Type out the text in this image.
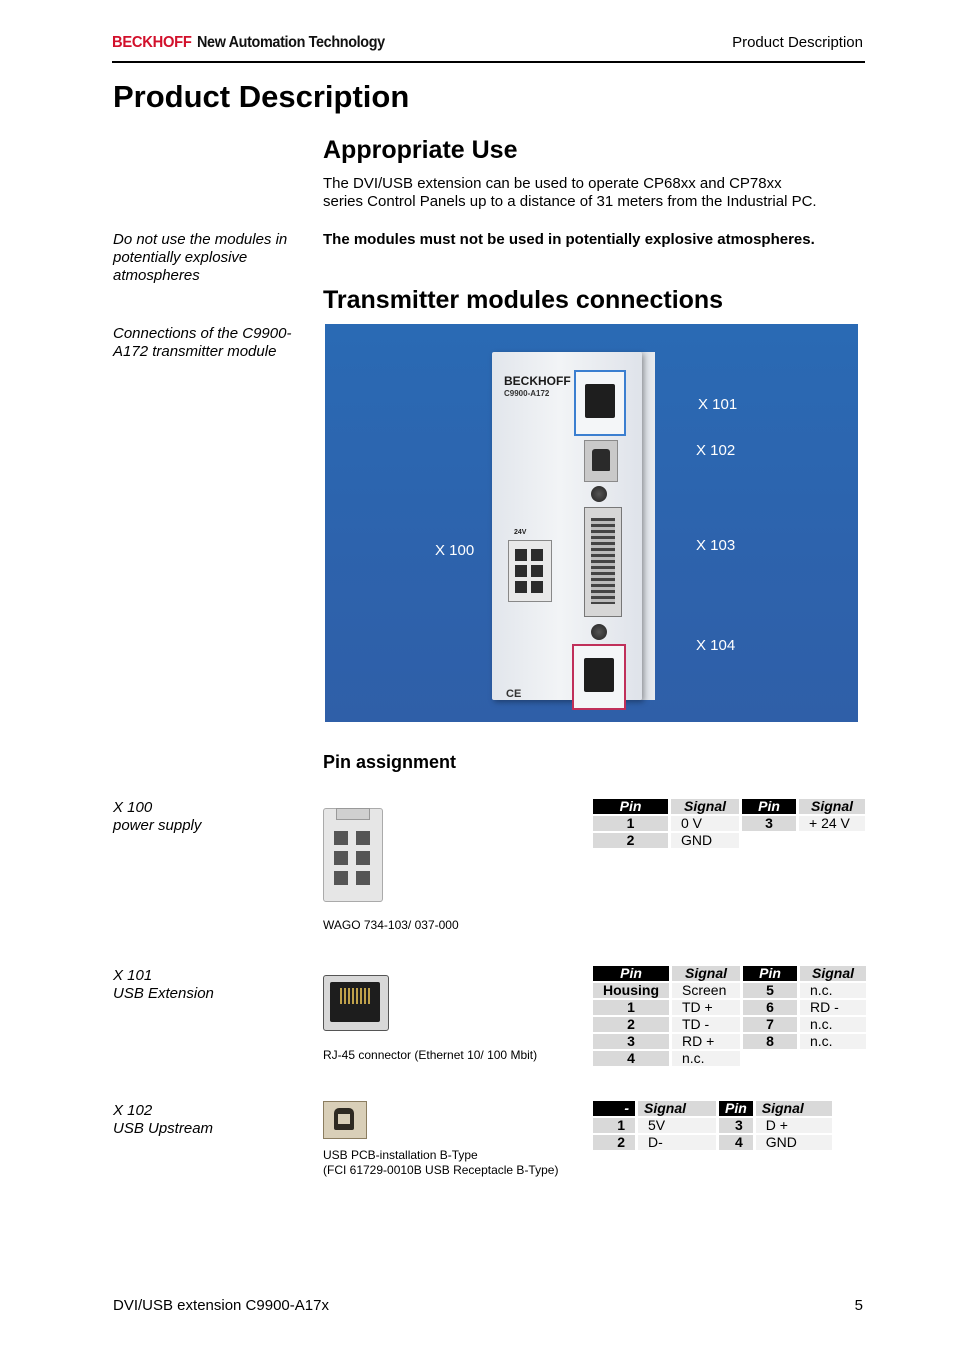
BECKHOFF New Automation Technology	Product Description
Product Description
Appropriate Use
The DVI/USB extension can be used to operate CP68xx and CP78xx
series Control Panels up to a distance of 31 meters from the Industrial PC.
Do not use the modules in
potentially explosive
atmospheres
The modules must not be used in potentially explosive atmospheres.
Transmitter modules connections
Connections of the C9900-
A172 transmitter module
BECKHOFF
C9900-A172
24V
CE
X 101
X 102
X 103
X 104
X 100
Pin assignment
X 100
power supply
WAGO 734-103/ 037-000
Pin	Signal	Pin	Signal
1	0 V	3	+ 24 V
2	GND		
X 101
USB Extension
RJ-45 connector (Ethernet 10/ 100 Mbit)
Pin	Signal	Pin	Signal
Housing	Screen	5	n.c.
1	TD +	6	RD -
2	TD -	7	n.c.
3	RD +	8	n.c.
4	n.c.		
X 102
USB Upstream
USB PCB-installation B-Type
(FCI 61729-0010B USB Receptacle B-Type)
-	Signal	Pin	Signal
1	5V	3	D +
2	D-	4	GND
DVI/USB extension C9900-A17x	5
